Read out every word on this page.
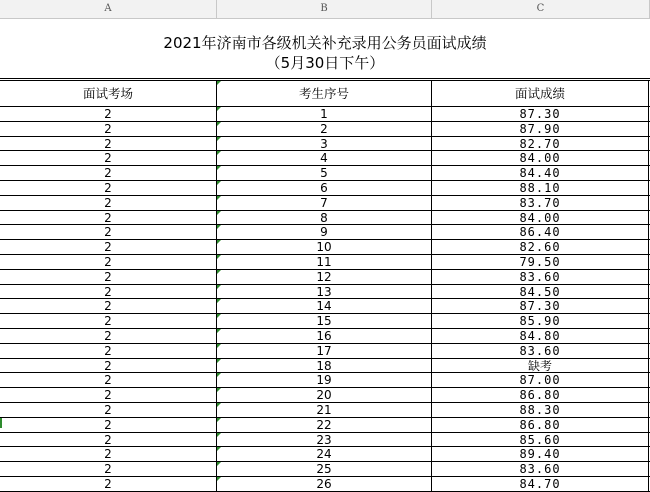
A	B	C
2021年济南市各级机关补充录用公务员面试成绩
（5月30日下午）
面试考场	考生序号	面试成绩
2	1	87.30
2	2	87.90
2	3	82.70
2	4	84.00
2	5	84.40
2	6	88.10
2	7	83.70
2	8	84.00
2	9	86.40
2	10	82.60
2	11	79.50
2	12	83.60
2	13	84.50
2	14	87.30
2	15	85.90
2	16	84.80
2	17	83.60
2	18	缺考
2	19	87.00
2	20	86.80
2	21	88.30
2	22	86.80
2	23	85.60
2	24	89.40
2	25	83.60
2	26	84.70
